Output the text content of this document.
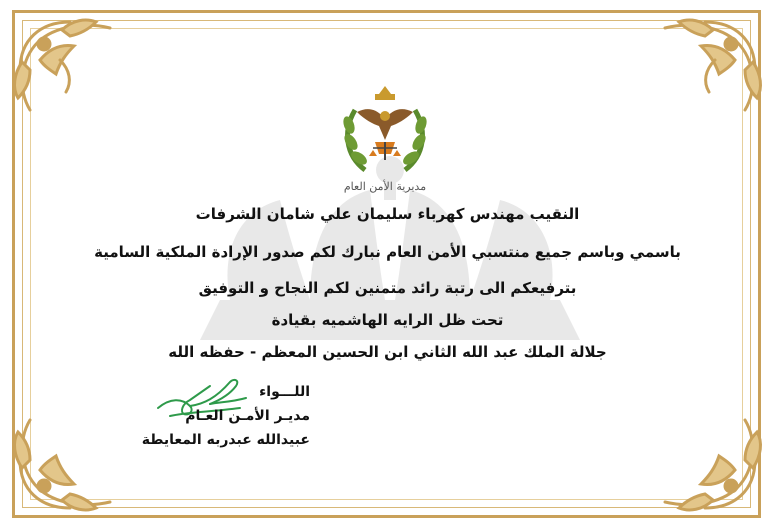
مديرية الأمن العام
النقيب مهندس كهرباء سليمان علي شامان الشرفات
باسمي وباسم جميع منتسبي الأمن العام نبارك لكم صدور الإرادة الملكية السامية
بترفيعكم الى رتبة رائد متمنين لكم النجاح و التوفيق
تحت ظل الرايه الهاشميه بقيادة
جلالة الملك عبد الله الثاني ابن الحسين المعظم - حفظه الله
اللـــواء
مديـر الأمـن العـام
عبيدالله عبدربه المعايطة
